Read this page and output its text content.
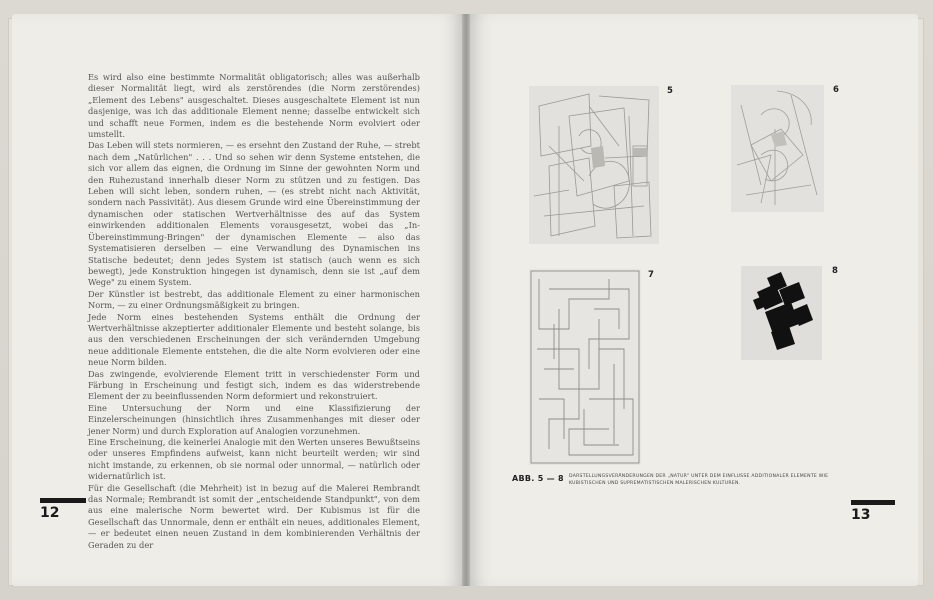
Es wird also eine bestimmte Normalität obligatorisch; alles was außerhalb dieser Normalität liegt, wird als zerstörendes (die Norm zerstörendes) „Element des Lebens" ausgeschaltet. Dieses ausgeschaltete Element ist nun dasjenige, was ich das additionale Element nenne; dasselbe entwickelt sich und schafft neue Formen, indem es die bestehende Norm evolviert oder umstellt.

Das Leben will stets normieren, — es ersehnt den Zustand der Ruhe, — strebt nach dem „Natürlichen" . . . Und so sehen wir denn Systeme entstehen, die sich vor allem das eignen, die Ordnung im Sinne der gewohnten Norm und den Ruhezustand innerhalb dieser Norm zu stützen und zu festigen. Das Leben will sicht leben, sondern ruhen, — (es strebt nicht nach Aktivität, sondern nach Passivität). Aus diesem Grunde wird eine Übereinstimmung der dynamischen oder statischen Wertverhältnisse des auf das System einwirkenden additionalen Elements vorausgesetzt, wobei das „In-Übereinstimmung-Bringen" der dynamischen Elemente — also das Systematisieren derselben — eine Verwandlung des Dynamischen ins Statische bedeutet; denn jedes System ist statisch (auch wenn es sich bewegt), jede Konstruktion hingegen ist dynamisch, denn sie ist „auf dem Wege" zu einem System.

Der Künstler ist bestrebt, das additionale Element zu einer harmonischen Norm, — zu einer Ordnungsmäßigkeit zu bringen.

Jede Norm eines bestehenden Systems enthält die Ordnung der Wertverhältnisse akzeptierter additionaler Elemente und besteht solange, bis aus den verschiedenen Erscheinungen der sich verändernden Umgebung neue additionale Elemente entstehen, die die alte Norm evolvieren oder eine neue Norm bilden.

Das zwingende, evolvierende Element tritt in verschiedenster Form und Färbung in Erscheinung und festigt sich, indem es das widerstrebende Element der zu beeinflussenden Norm deformiert und rekonstruiert.

Eine Untersuchung der Norm und eine Klassifizierung der Einzelerscheinungen (hinsichtlich ihres Zusammenhanges mit dieser oder jener Norm) und durch Exploration auf Analogien vorzunehmen.

Eine Erscheinung, die keinerlei Analogie mit den Werten unseres Bewußtseins oder unseres Empfindens aufweist, kann nicht beurteilt werden; wir sind nicht imstande, zu erkennen, ob sie normal oder unnormal, — natürlich oder widernatürlich ist.

Für die Gesellschaft (die Mehrheit) ist in bezug auf die Malerei Rembrandt das Normale; Rembrandt ist somit der „entscheidende Standpunkt", von dem aus eine malerische Norm bewertet wird. Der Kubismus ist für die Gesellschaft das Unnormale, denn er enthält ein neues, additionales Element, — er bedeutet einen neuen Zustand in dem kombinierenden Verhältnis der Geraden zu der

12
5	6
7	8
ABB. 5 — 8 DARSTELLUNGSVERÄNDERUNGEN DER „NATUR" UNTER DEM EINFLUSSE ADDITIONALER ELEMENTE WIE

KUBISTISCHEN UND SUPREMATISTISCHEN MALERISCHEN KULTUREN.

13
